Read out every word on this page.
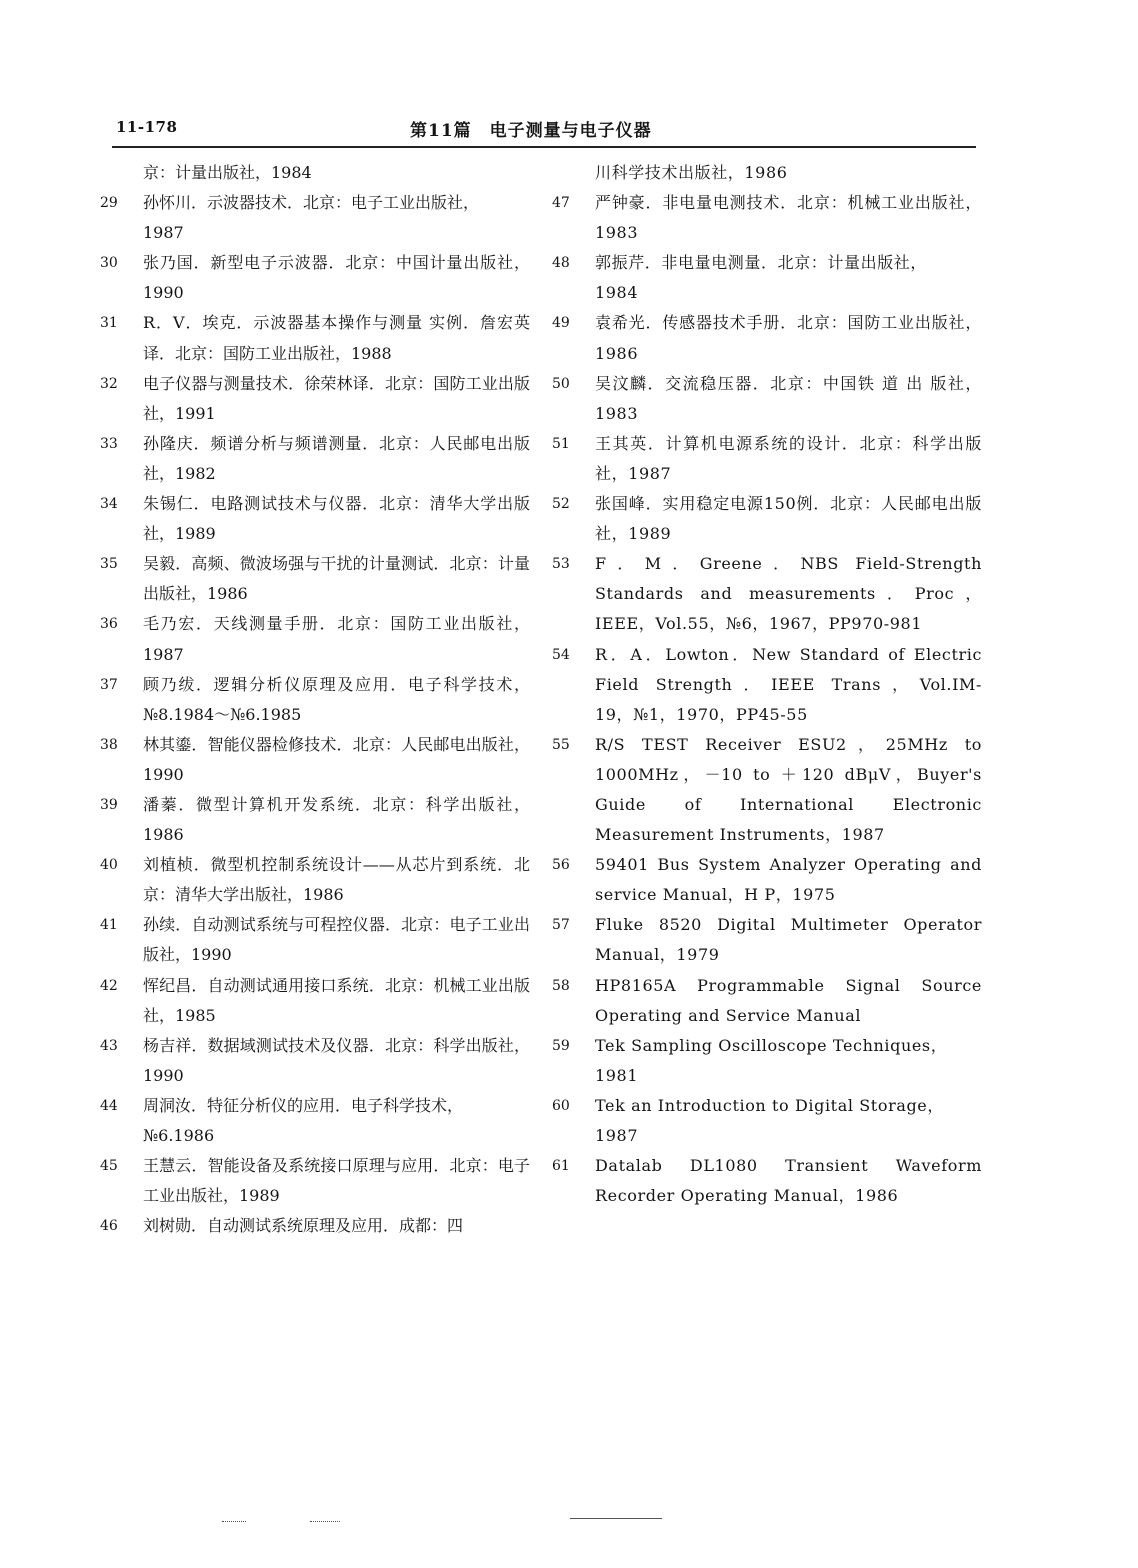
11-178	第11篇　电子测量与电子仪器
京：计量出版社，1984
29 孙怀川．示波器技术．北京：电子工业出版社，
1987
30 张乃国．新型电子示波器．北京：中国计量出版社，1990
31 R．V．埃克．示波器基本操作与测量 实例．詹宏英译．北京：国防工业出版社，1988
32 电子仪器与测量技术．徐荣林译．北京：国防工业出版社，1991
33 孙隆庆．频谱分析与频谱测量．北京：人民邮电出版社，1982
34 朱锡仁．电路测试技术与仪器．北京：清华大学出版社，1989
35 吴毅．高频、微波场强与干扰的计量测试．北京：计量出版社，1986
36 毛乃宏．天线测量手册．北京：国防工业出版社，1987
37 顾乃绂．逻辑分析仪原理及应用．电子科学技术，№8.1984～№6.1985
38 林其鎏．智能仪器检修技术．北京：人民邮电出版社，1990
39 潘蓁．微型计算机开发系统．北京：科学出版社，1986
40 刘植桢．微型机控制系统设计——从芯片到系统．北京：清华大学出版社，1986
41 孙续．自动测试系统与可程控仪器．北京：电子工业出版社，1990
42 恽纪昌．自动测试通用接口系统．北京：机械工业出版社，1985
43 杨吉祥．数据域测试技术及仪器．北京：科学出版社，1990
44 周洞汝．特征分析仪的应用．电子科学技术，
№6.1986
45 王慧云．智能设备及系统接口原理与应用．北京：电子工业出版社，1989
46 刘树勋．自动测试系统原理及应用．成都：四
川科学技术出版社，1986
47 严钟豪．非电量电测技术．北京：机械工业出版社，1983
48 郭振芹．非电量电测量．北京：计量出版社，
1984
49 袁希光．传感器技术手册．北京：国防工业出版社，1986
50 吴汶麟．交流稳压器．北京：中国铁 道 出 版社，1983
51 王其英．计算机电源系统的设计．北京：科学出版社，1987
52 张国峰．实用稳定电源150例．北京：人民邮电出版社，1989
53 F．M．Greene．NBS Field-Strength Standards and measurements．Proc，IEEE，Vol.55，№6，1967，PP970-981
54 R．A．Lowton．New Standard of Electric Field Strength．IEEE Trans，Vol.IM-19，№1，1970，PP45-55
55 R/S TEST Receiver ESU2，25MHz to 1000MHz，－10 to ＋120 dBμV，Buyer's Guide of International Electronic Measurement Instruments，1987
56 59401 Bus System Analyzer Operating and service Manual，H P，1975
57 Fluke 8520 Digital Multimeter Operator Manual，1979
58 HP8165A Programmable Signal Source Operating and Service Manual
59 Tek Sampling Oscilloscope Techniques，
1981
60 Tek an Introduction to Digital Storage，
1987
61 Datalab DL1080 Transient Waveform Recorder Operating Manual，1986
